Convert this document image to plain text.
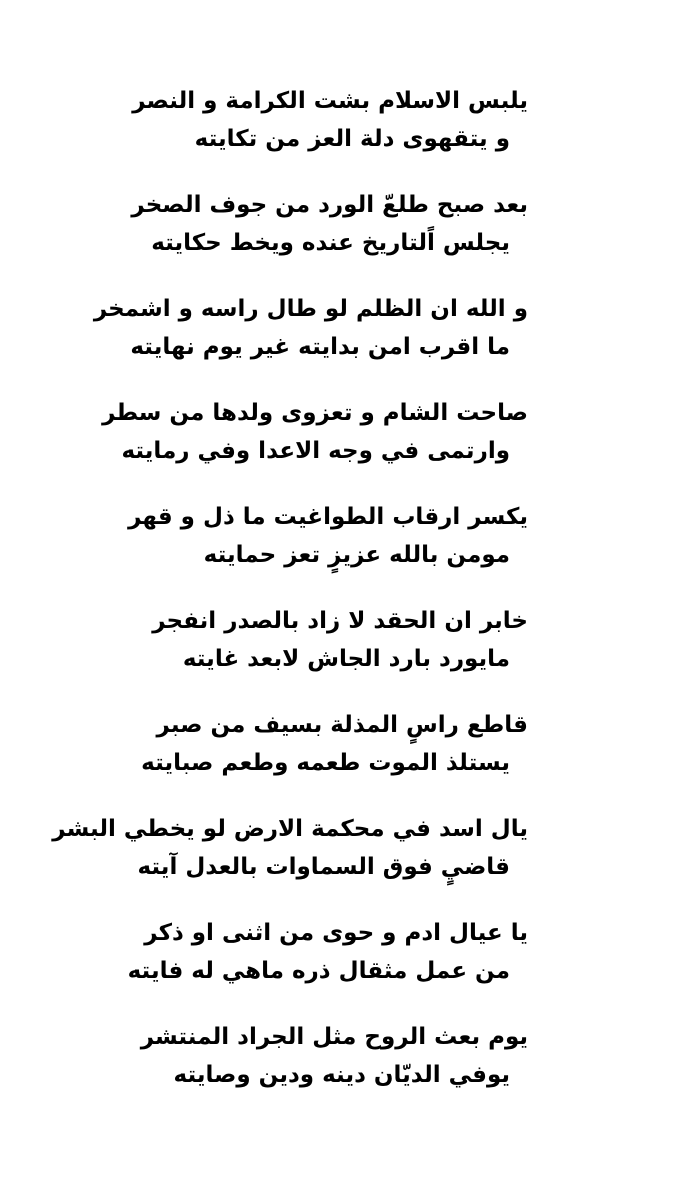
يلبس الاسلام بشت الكرامة و النصر
و يتقهوى دلة العز من تكايته
بعد صبح طلعّ الورد من جوف الصخر
يجلس اًلتاريخ عنده ويخط حكايته
و الله ان الظلم لو طال راسه و اشمخر
ما اقرب امن بدايته غير يوم نهايته
صاحت الشام و تعزوى ولدها من سطر
وارتمى في وجه الاعدا وفي رمايته
يكسر ارقاب الطواغيت ما ذل و قهر
مومن بالله عزيزٍ تعز حمايته
خابر ان الحقد لا زاد بالصدر انفجر
مايورد بارد الجاش لابعد غايته
قاطع راسٍ المذلة بسيف من صبر
يستلذ الموت طعمه وطعم صبايته
يال اسد في محكمة الارض لو يخطي البشر
قاضيٍ فوق السماوات بالعدل آيته
يا عيال ادم و حوى من اثنى او ذكر
من عمل مثقال ذره ماهي له فايته
يوم بعث الروح مثل الجراد المنتشر
يوفي الديّان دينه ودين وصايته
